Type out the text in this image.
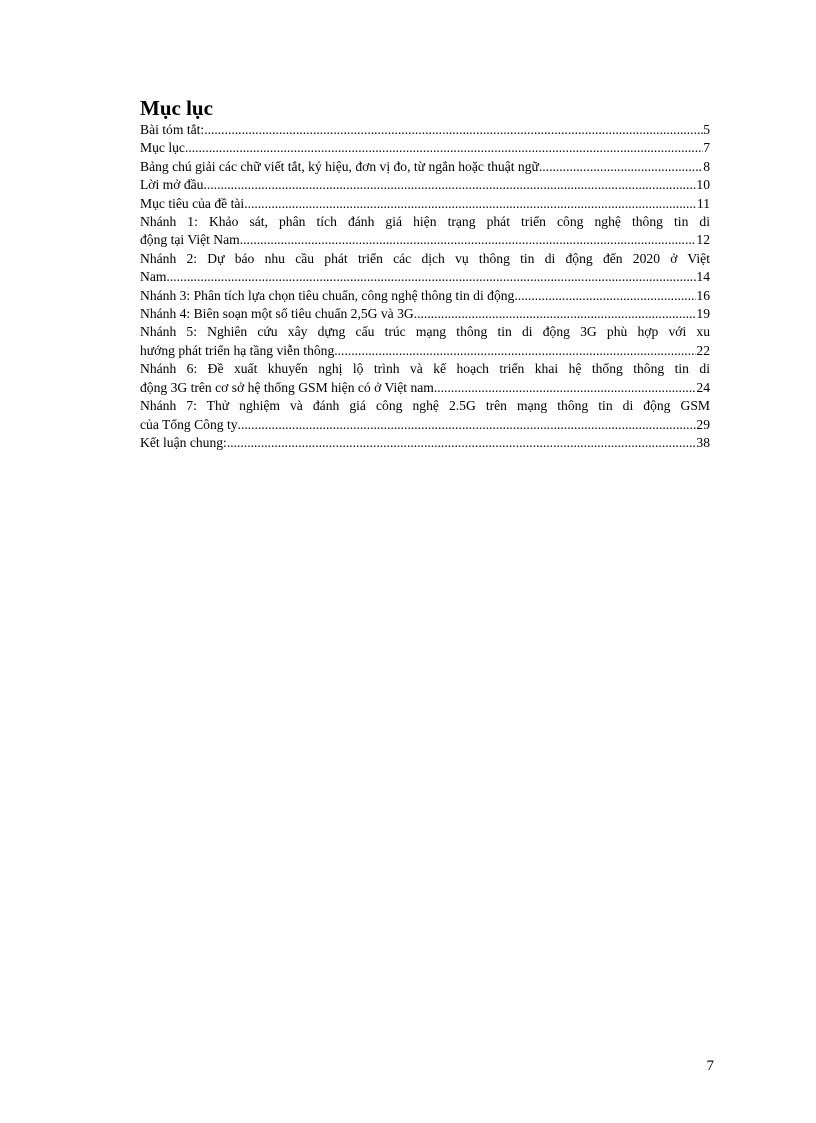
Mục lục
Bài tóm tắt: .....	5
Mục lục .....	7
Bảng chú giải các chữ viết tắt, ký hiệu, đơn vị đo, từ ngắn hoặc thuật ngữ .....	8
Lời mở đầu .....	10
Mục tiêu của đề tài .....	11
Nhánh 1: Khảo sát, phân tích đánh giá hiện trạng phát triển công nghệ thông tin di
động tại Việt Nam .....	12
Nhánh 2: Dự báo nhu cầu phát triển các dịch vụ thông tin di động đến 2020 ở Việt
Nam. .....	14
Nhánh 3: Phân tích lựa chọn tiêu chuẩn, công nghệ thông tin di động. .....	16
Nhánh 4: Biên soạn một số tiêu chuẩn 2,5G và 3G .....	19
Nhánh 5: Nghiên cứu xây dựng cấu trúc mạng thông tin di động 3G phù hợp với xu
hướng phát triển hạ tầng viễn thông. .....	22
Nhánh 6: Đề xuất khuyến nghị lộ trình và kế hoạch triển khai hệ thống thông tin di
động 3G trên cơ sở hệ thống GSM hiện có ở Việt nam. .....	24
Nhánh 7: Thử nghiệm và đánh giá công nghệ 2.5G trên mạng thông tin di động GSM
của Tổng Công ty .....	29
Kết luận chung: .....	38
7
